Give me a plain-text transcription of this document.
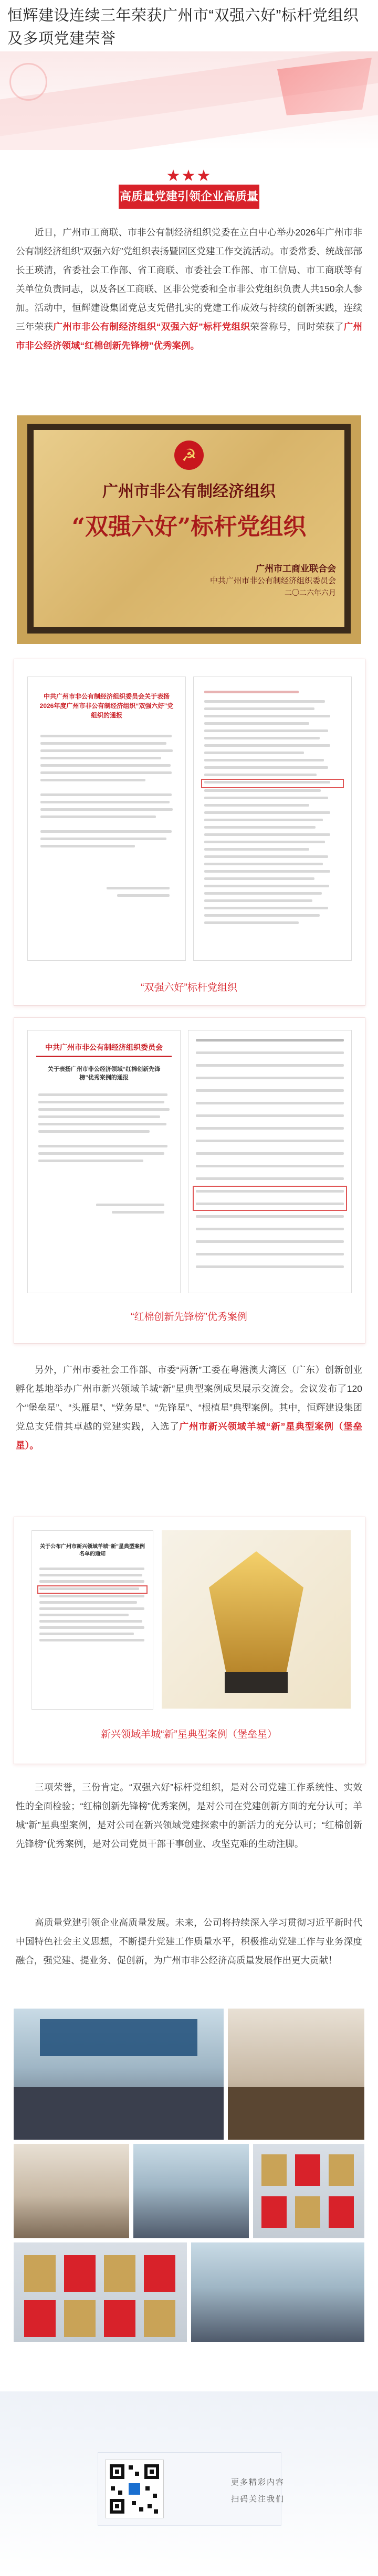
恒辉建设连续三年荣获广州市“双强六好”标杆党组织及多项党建荣誉
★★★
高质量党建引领企业高质量发展
近日，广州市工商联、市非公有制经济组织党委在立白中心举办2026年广州市非公有制经济组织“双强六好”党组织表扬暨园区党建工作交流活动。市委常委、统战部部长王瑛清，省委社会工作部、省工商联、市委社会工作部、市工信局、市工商联等有关单位负责同志，以及各区工商联、区非公党委和全市非公党组织负责人共150余人参加。活动中，恒辉建设集团党总支凭借扎实的党建工作成效与持续的创新实践，连续三年荣获广州市非公有制经济组织“双强六好”标杆党组织荣誉称号，同时荣获了广州市非公经济领域“红棉创新先锋榜”优秀案例。
☭
广州市非公有制经济组织
“双强六好”标杆党组织
广州市工商业联合会
中共广州市非公有制经济组织委员会
二〇二六年六月
中共广州市非公有制经济组织委员会关于表扬2026年度广州市非公有制经济组织“双强六好”党组织的通报
“双强六好”标杆党组织
中共广州市非公有制经济组织委员会
关于表扬广州市非公经济领域“红棉创新先锋榜”优秀案例的通报
“红棉创新先锋榜”优秀案例
另外，广州市委社会工作部、市委“两新”工委在粤港澳大湾区（广东）创新创业孵化基地举办广州市新兴领域羊城“新”星典型案例成果展示交流会。会议发布了120个“堡垒星”、“头雁星”、“党务星”、“先锋星”、“根植星”典型案例。其中，恒辉建设集团党总支凭借其卓越的党建实践，入选了广州市新兴领域羊城“新”星典型案例（堡垒星）。
关于公布广州市新兴领域羊城“新”星典型案例名单的通知
新兴领域羊城“新”星典型案例（堡垒星）
三项荣誉，三份肯定。“双强六好”标杆党组织，是对公司党建工作系统性、实效性的全面检验；“红棉创新先锋榜”优秀案例，是对公司在党建创新方面的充分认可；羊城“新”星典型案例，是对公司在新兴领域党建探索中的新活力的充分认可；“红棉创新先锋榜”优秀案例，是对公司党员干部干事创业、攻坚克难的生动注脚。
高质量党建引领企业高质量发展。未来，公司将持续深入学习贯彻习近平新时代中国特色社会主义思想，不断提升党建工作质量水平，积极推动党建工作与业务深度融合，强党建、提业务、促创新，为广州市非公经济高质量发展作出更大贡献！
更多精彩内容
扫码关注我们
